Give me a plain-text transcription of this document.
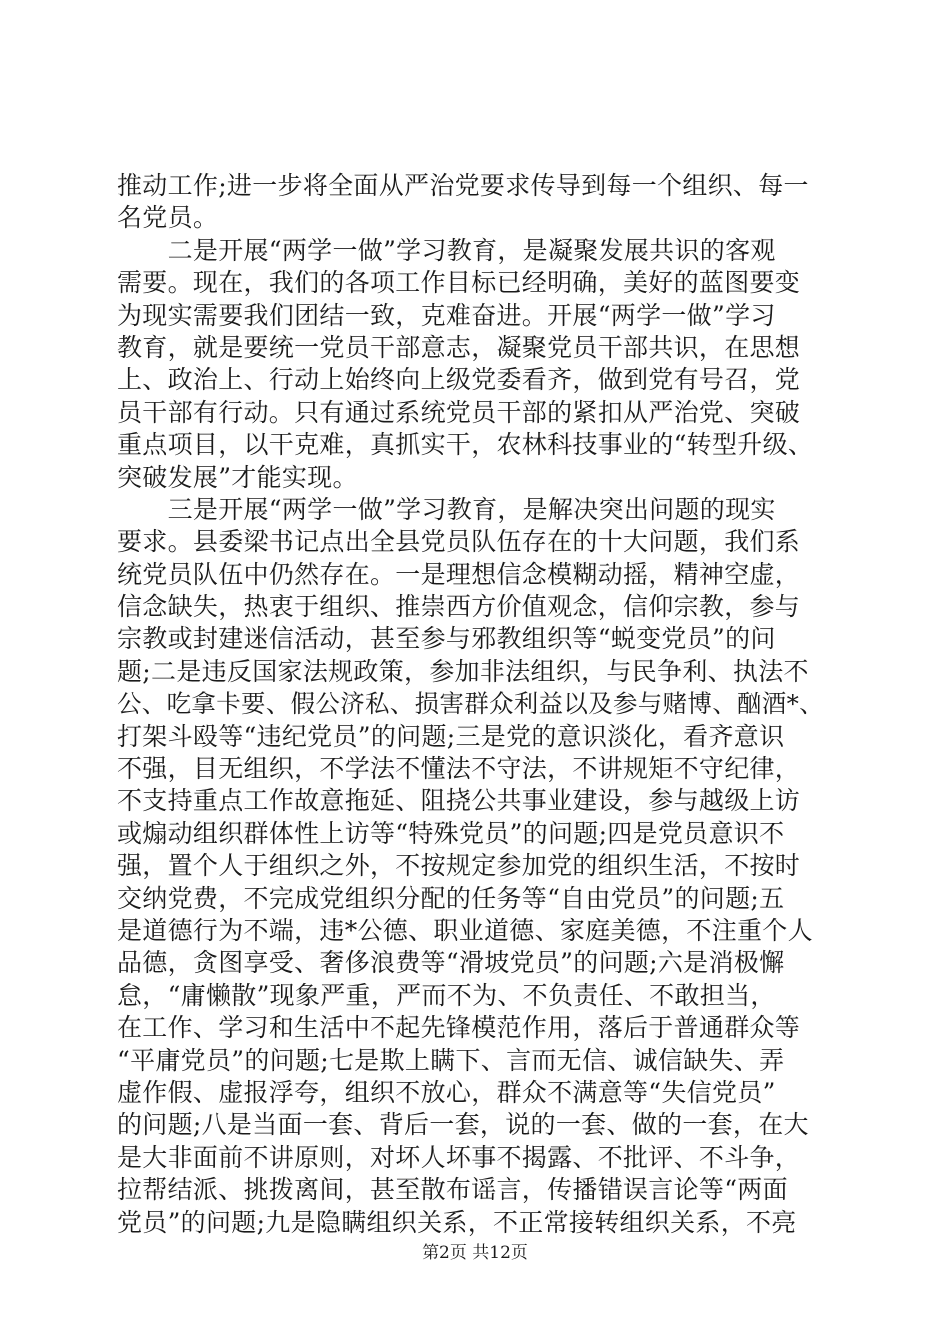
推动工作;进一步将全面从严治党要求传导到每一个组织、每一
名党员。
　　二是开展“两学一做”学习教育，是凝聚发展共识的客观
需要。现在，我们的各项工作目标已经明确，美好的蓝图要变
为现实需要我们团结一致，克难奋进。开展“两学一做”学习
教育，就是要统一党员干部意志，凝聚党员干部共识，在思想
上、政治上、行动上始终向上级党委看齐，做到党有号召，党
员干部有行动。只有通过系统党员干部的紧扣从严治党、突破
重点项目，以干克难，真抓实干，农林科技事业的“转型升级、
突破发展”才能实现。
　　三是开展“两学一做”学习教育，是解决突出问题的现实
要求。县委梁书记点出全县党员队伍存在的十大问题，我们系
统党员队伍中仍然存在。一是理想信念模糊动摇，精神空虚，
信念缺失，热衷于组织、推崇西方价值观念，信仰宗教，参与
宗教或封建迷信活动，甚至参与邪教组织等“蜕变党员”的问
题;二是违反国家法规政策，参加非法组织，与民争利、执法不
公、吃拿卡要、假公济私、损害群众利益以及参与赌博、酗酒*、
打架斗殴等“违纪党员”的问题;三是党的意识淡化，看齐意识
不强，目无组织，不学法不懂法不守法，不讲规矩不守纪律，
不支持重点工作故意拖延、阻挠公共事业建设，参与越级上访
或煽动组织群体性上访等“特殊党员”的问题;四是党员意识不
强，置个人于组织之外，不按规定参加党的组织生活，不按时
交纳党费，不完成党组织分配的任务等“自由党员”的问题;五
是道德行为不端，违*公德、职业道德、家庭美德，不注重个人
品德，贪图享受、奢侈浪费等“滑坡党员”的问题;六是消极懈
怠，“庸懒散”现象严重，严而不为、不负责任、不敢担当，
在工作、学习和生活中不起先锋模范作用，落后于普通群众等
“平庸党员”的问题;七是欺上瞒下、言而无信、诚信缺失、弄
虚作假、虚报浮夸，组织不放心，群众不满意等“失信党员”
的问题;八是当面一套、背后一套，说的一套、做的一套，在大
是大非面前不讲原则，对坏人坏事不揭露、不批评、不斗争，
拉帮结派、挑拨离间，甚至散布谣言，传播错误言论等“两面
党员”的问题;九是隐瞒组织关系，不正常接转组织关系，不亮
第2页 共12页
